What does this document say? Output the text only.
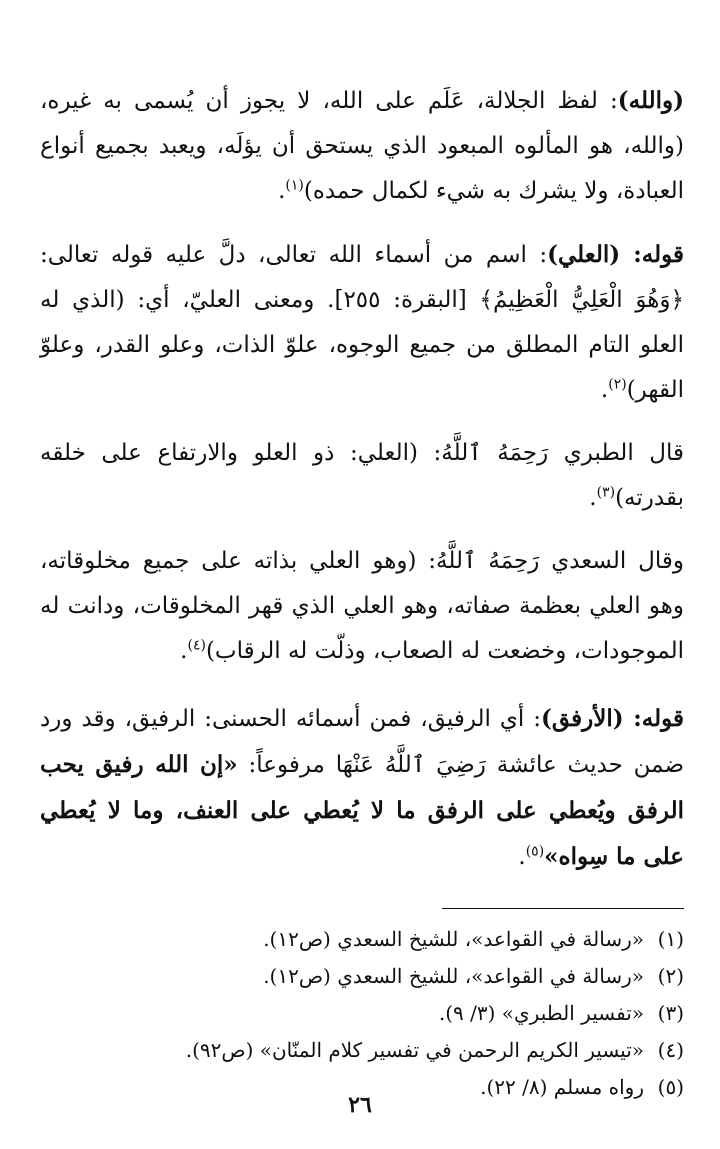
(والله): لفظ الجلالة، عَلَم على الله، لا يجوز أن يُسمى به غيره، (والله، هو المألوه المبعود الذي يستحق أن يؤلَه، ويعبد بجميع أنواع العبادة، ولا يشرك به شيء لكمال حمده)$^{(١)}$.

قوله: (العلي): اسم من أسماء الله تعالى، دلَّ عليه قوله تعالى: ﴿وَهُوَ الْعَلِيُّ الْعَظِيمُ﴾ [البقرة: ٢٥٥]. ومعنى العليّ، أي: (الذي له العلو التام المطلق من جميع الوجوه، علوّ الذات، وعلو القدر، وعلوّ القهر)$^{(٢)}$.

قال الطبري رَحِمَهُ ٱللَّهُ: (العلي: ذو العلو والارتفاع على خلقه بقدرته)$^{(٣)}$.

وقال السعدي رَحِمَهُ ٱللَّهُ: (وهو العلي بذاته على جميع مخلوقاته، وهو العلي بعظمة صفاته، وهو العلي الذي قهر المخلوقات، ودانت له الموجودات، وخضعت له الصعاب، وذلّت له الرقاب)$^{(٤)}$.

قوله: (الأرفق): أي الرفيق، فمن أسمائه الحسنى: الرفيق، وقد ورد ضمن حديث عائشة رَضِيَ ٱللَّهُ عَنْهَا مرفوعاً: «إن الله رفيق يحب الرفق ويُعطي على الرفق ما لا يُعطي على العنف، وما لا يُعطي على ما سِواه»$^{(٥)}$.

(١)«رسالة في القواعد»، للشيخ السعدي (ص١٢).
(٢)«رسالة في القواعد»، للشيخ السعدي (ص١٢).
(٣)«تفسير الطبري» (٣/ ٩).
(٤)«تيسير الكريم الرحمن في تفسير كلام المنّان» (ص٩٢).
(٥)رواه مسلم (٨/ ٢٢).
٢٦
